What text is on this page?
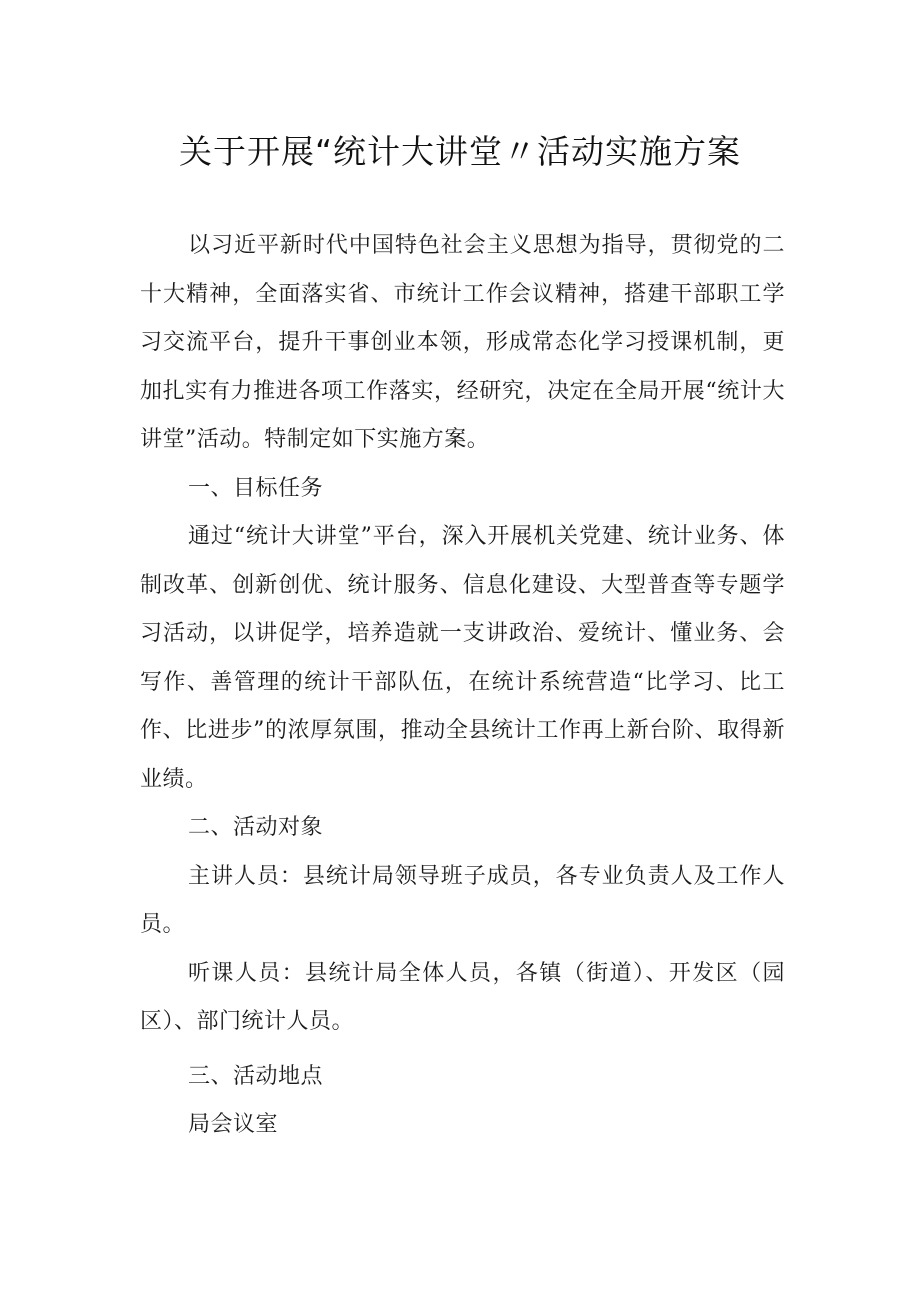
关于开展“统计大讲堂〃活动实施方案

以习近平新时代中国特色社会主义思想为指导，贯彻党的二十大精神，全面落实省、市统计工作会议精神，搭建干部职工学习交流平台，提升干事创业本领，形成常态化学习授课机制，更加扎实有力推进各项工作落实，经研究，决定在全局开展“统计大讲堂”活动。特制定如下实施方案。

一、目标任务

通过“统计大讲堂”平台，深入开展机关党建、统计业务、体制改革、创新创优、统计服务、信息化建设、大型普查等专题学习活动，以讲促学，培养造就一支讲政治、爱统计、懂业务、会写作、善管理的统计干部队伍，在统计系统营造“比学习、比工作、比进步”的浓厚氛围，推动全县统计工作再上新台阶、取得新业绩。

二、活动对象

主讲人员：县统计局领导班子成员，各专业负责人及工作人员。

听课人员：县统计局全体人员，各镇（街道）、开发区（园区）、部门统计人员。

三、活动地点

局会议室
